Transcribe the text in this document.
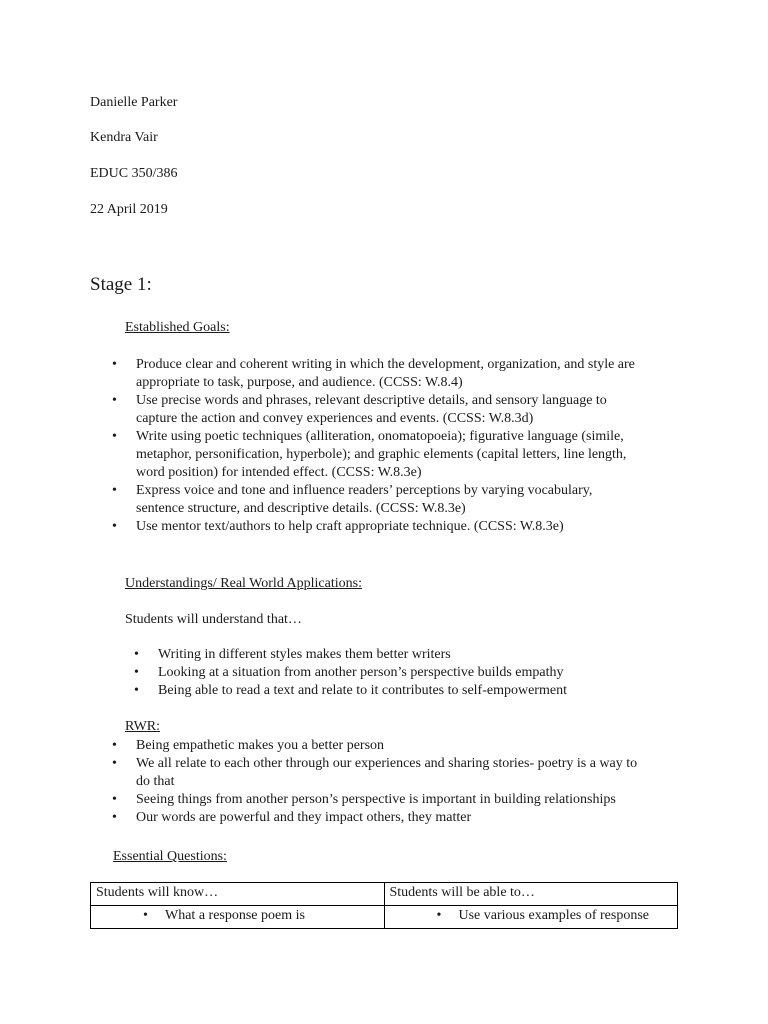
Danielle Parker
Kendra Vair
EDUC 350/386
22 April 2019
Stage 1:
Established Goals:
• Produce clear and coherent writing in which the development, organization, and style are
appropriate to task, purpose, and audience. (CCSS: W.8.4)
• Use precise words and phrases, relevant descriptive details, and sensory language to
capture the action and convey experiences and events. (CCSS: W.8.3d)
• Write using poetic techniques (alliteration, onomatopoeia); figurative language (simile,
metaphor, personification, hyperbole); and graphic elements (capital letters, line length,
word position) for intended effect. (CCSS: W.8.3e)
• Express voice and tone and influence readers’ perceptions by varying vocabulary,
sentence structure, and descriptive details. (CCSS: W.8.3e)
• Use mentor text/authors to help craft appropriate technique. (CCSS: W.8.3e)
Understandings/ Real World Applications:
Students will understand that…
• Writing in different styles makes them better writers
• Looking at a situation from another person’s perspective builds empathy
• Being able to read a text and relate to it contributes to self-empowerment
RWR:
• Being empathetic makes you a better person
• We all relate to each other through our experiences and sharing stories- poetry is a way to
do that
• Seeing things from another person’s perspective is important in building relationships
• Our words are powerful and they impact others, they matter
Essential Questions:
Students will know…	Students will be able to…
• What a response poem is	• Use various examples of response
